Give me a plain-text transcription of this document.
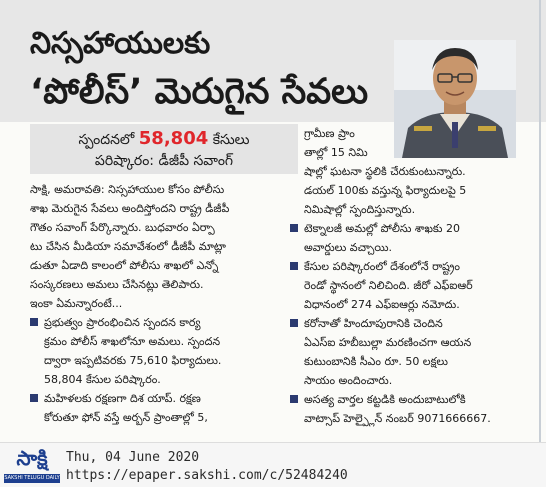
నిస్సహాయులకు
‘పోలీస్’ మెరుగైన సేవలు
స్పందనలో 58,804 కేసులు
పరిష్కారం: డీజీపీ సవాంగ్

సాక్షి, అమరావతి: నిస్సహాయుల కోసం పోలీసు

శాఖ మెరుగైన సేవలు అందిస్తోందని రాష్ట్ర డీజీపీ

గౌతం సవాంగ్ పేర్కొన్నారు. బుధవారం ఏర్పా

టు చేసిన మీడియా సమావేశంలో డీజీపీ మాట్లా

డుతూ ఏడాది కాలంలో పోలీసు శాఖలో ఎన్నో

సంస్కరణలు అమలు చేసినట్లు తెలిపారు.

ఇంకా ఏమన్నారంటే...

ప్రభుత్వం ప్రారంభించిన స్పందన కార్య

క్రమం పోలీస్ శాఖలోనూ అమలు. స్పందన

ద్వారా ఇప్పటివరకు 75,610 ఫిర్యాదులు.

58,804 కేసుల పరిష్కారం.

మహిళలకు రక్షణగా దిశ యాప్. రక్షణ

కోరుతూ ఫోన్ వస్తే అర్బన్ ప్రాంతాల్లో 5,

గ్రామీణ ప్రాం

తాల్లో 15 నిమి

షాల్లో ఘటనా స్థలికి చేరుకుంటున్నారు.

డయల్ 100కు వస్తున్న ఫిర్యాదులపై 5

నిమిషాల్లో స్పందిస్తున్నారు.

టెక్నాలజీ అమల్లో పోలీసు శాఖకు 20

అవార్డులు వచ్చాయి.

కేసుల పరిష్కారంలో దేశంలోనే రాష్ట్రం

రెండో స్థానంలో నిలిచింది. జీరో ఎఫ్ఐఆర్

విధానంలో 274 ఎఫ్ఐఆర్లు నమోదు.

కరోనాతో హిందూపురానికి చెందిన

ఏఎస్ఐ హబీబుల్లా మరణించగా ఆయన

కుటుంబానికి సీఎం రూ. 50 లక్షలు

సాయం అందించారు.

అసత్య వార్తల కట్టడికి అందుబాటులోకి

వాట్సాప్ హెల్ప్లైన్ నంబర్ 9071666667.

సాక్షి
SAKSHI TELUGU DAILY
Thu, 04 June 2020
https://epaper.sakshi.com/c/52484240
